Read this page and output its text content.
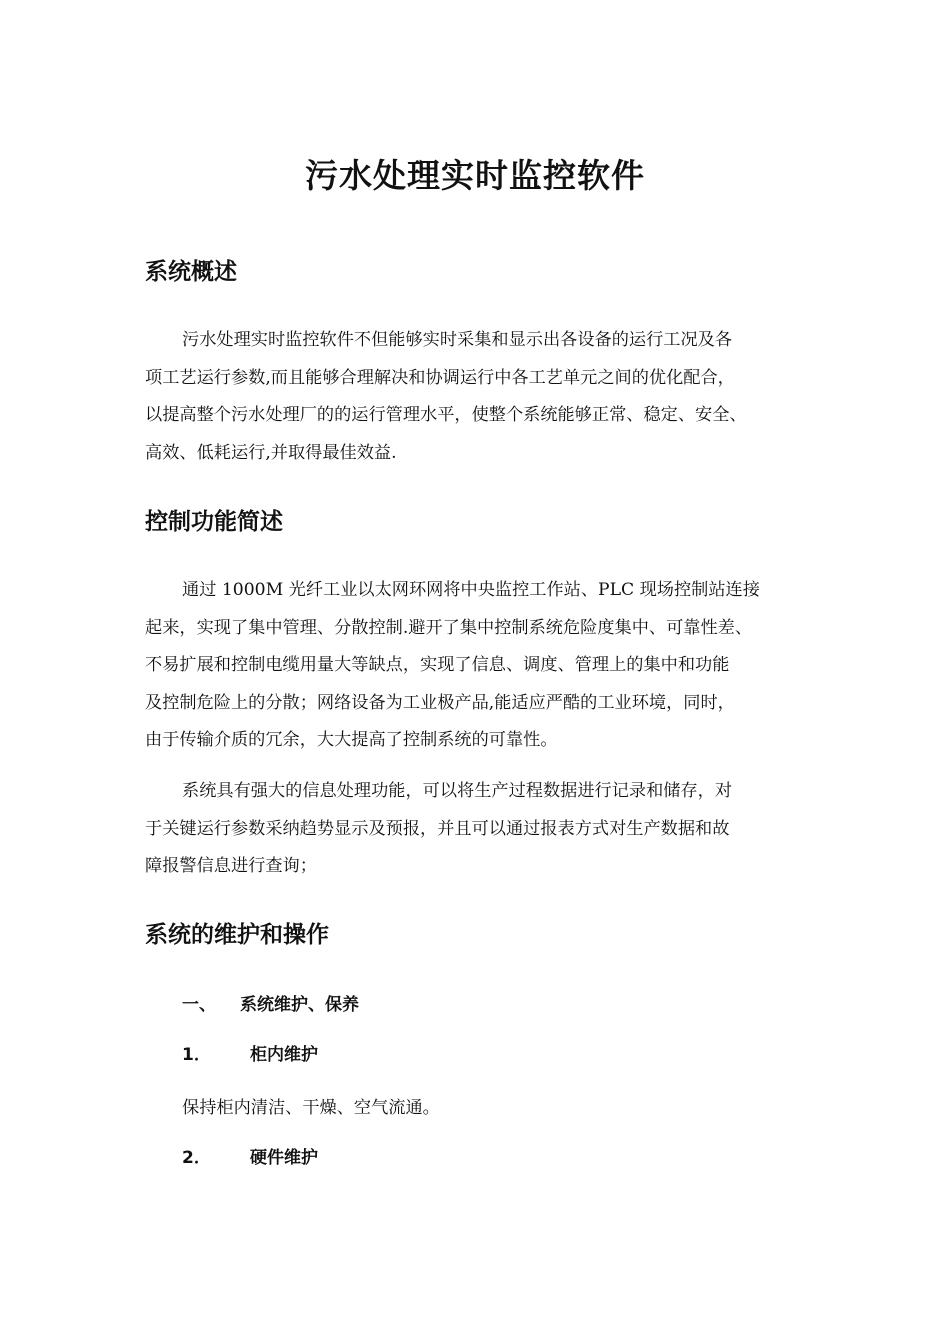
污水处理实时监控软件
系统概述
污水处理实时监控软件不但能够实时采集和显示出各设备的运行工况及各
项工艺运行参数,而且能够合理解决和协调运行中各工艺单元之间的优化配合，
以提高整个污水处理厂的的运行管理水平，使整个系统能够正常、稳定、安全、
高效、低耗运行,并取得最佳效益.
控制功能简述
通过 1000M 光纤工业以太网环网将中央监控工作站、PLC 现场控制站连接
起来，实现了集中管理、分散控制.避开了集中控制系统危险度集中、可靠性差、
不易扩展和控制电缆用量大等缺点，实现了信息、调度、管理上的集中和功能
及控制危险上的分散；网络设备为工业极产品,能适应严酷的工业环境，同时，
由于传输介质的冗余，大大提高了控制系统的可靠性。
系统具有强大的信息处理功能，可以将生产过程数据进行记录和储存，对
于关键运行参数采纳趋势显示及预报，并且可以通过报表方式对生产数据和故
障报警信息进行查询；
系统的维护和操作
一、 系统维护、保养
1． 柜内维护
保持柜内清洁、干燥、空气流通。
2． 硬件维护
